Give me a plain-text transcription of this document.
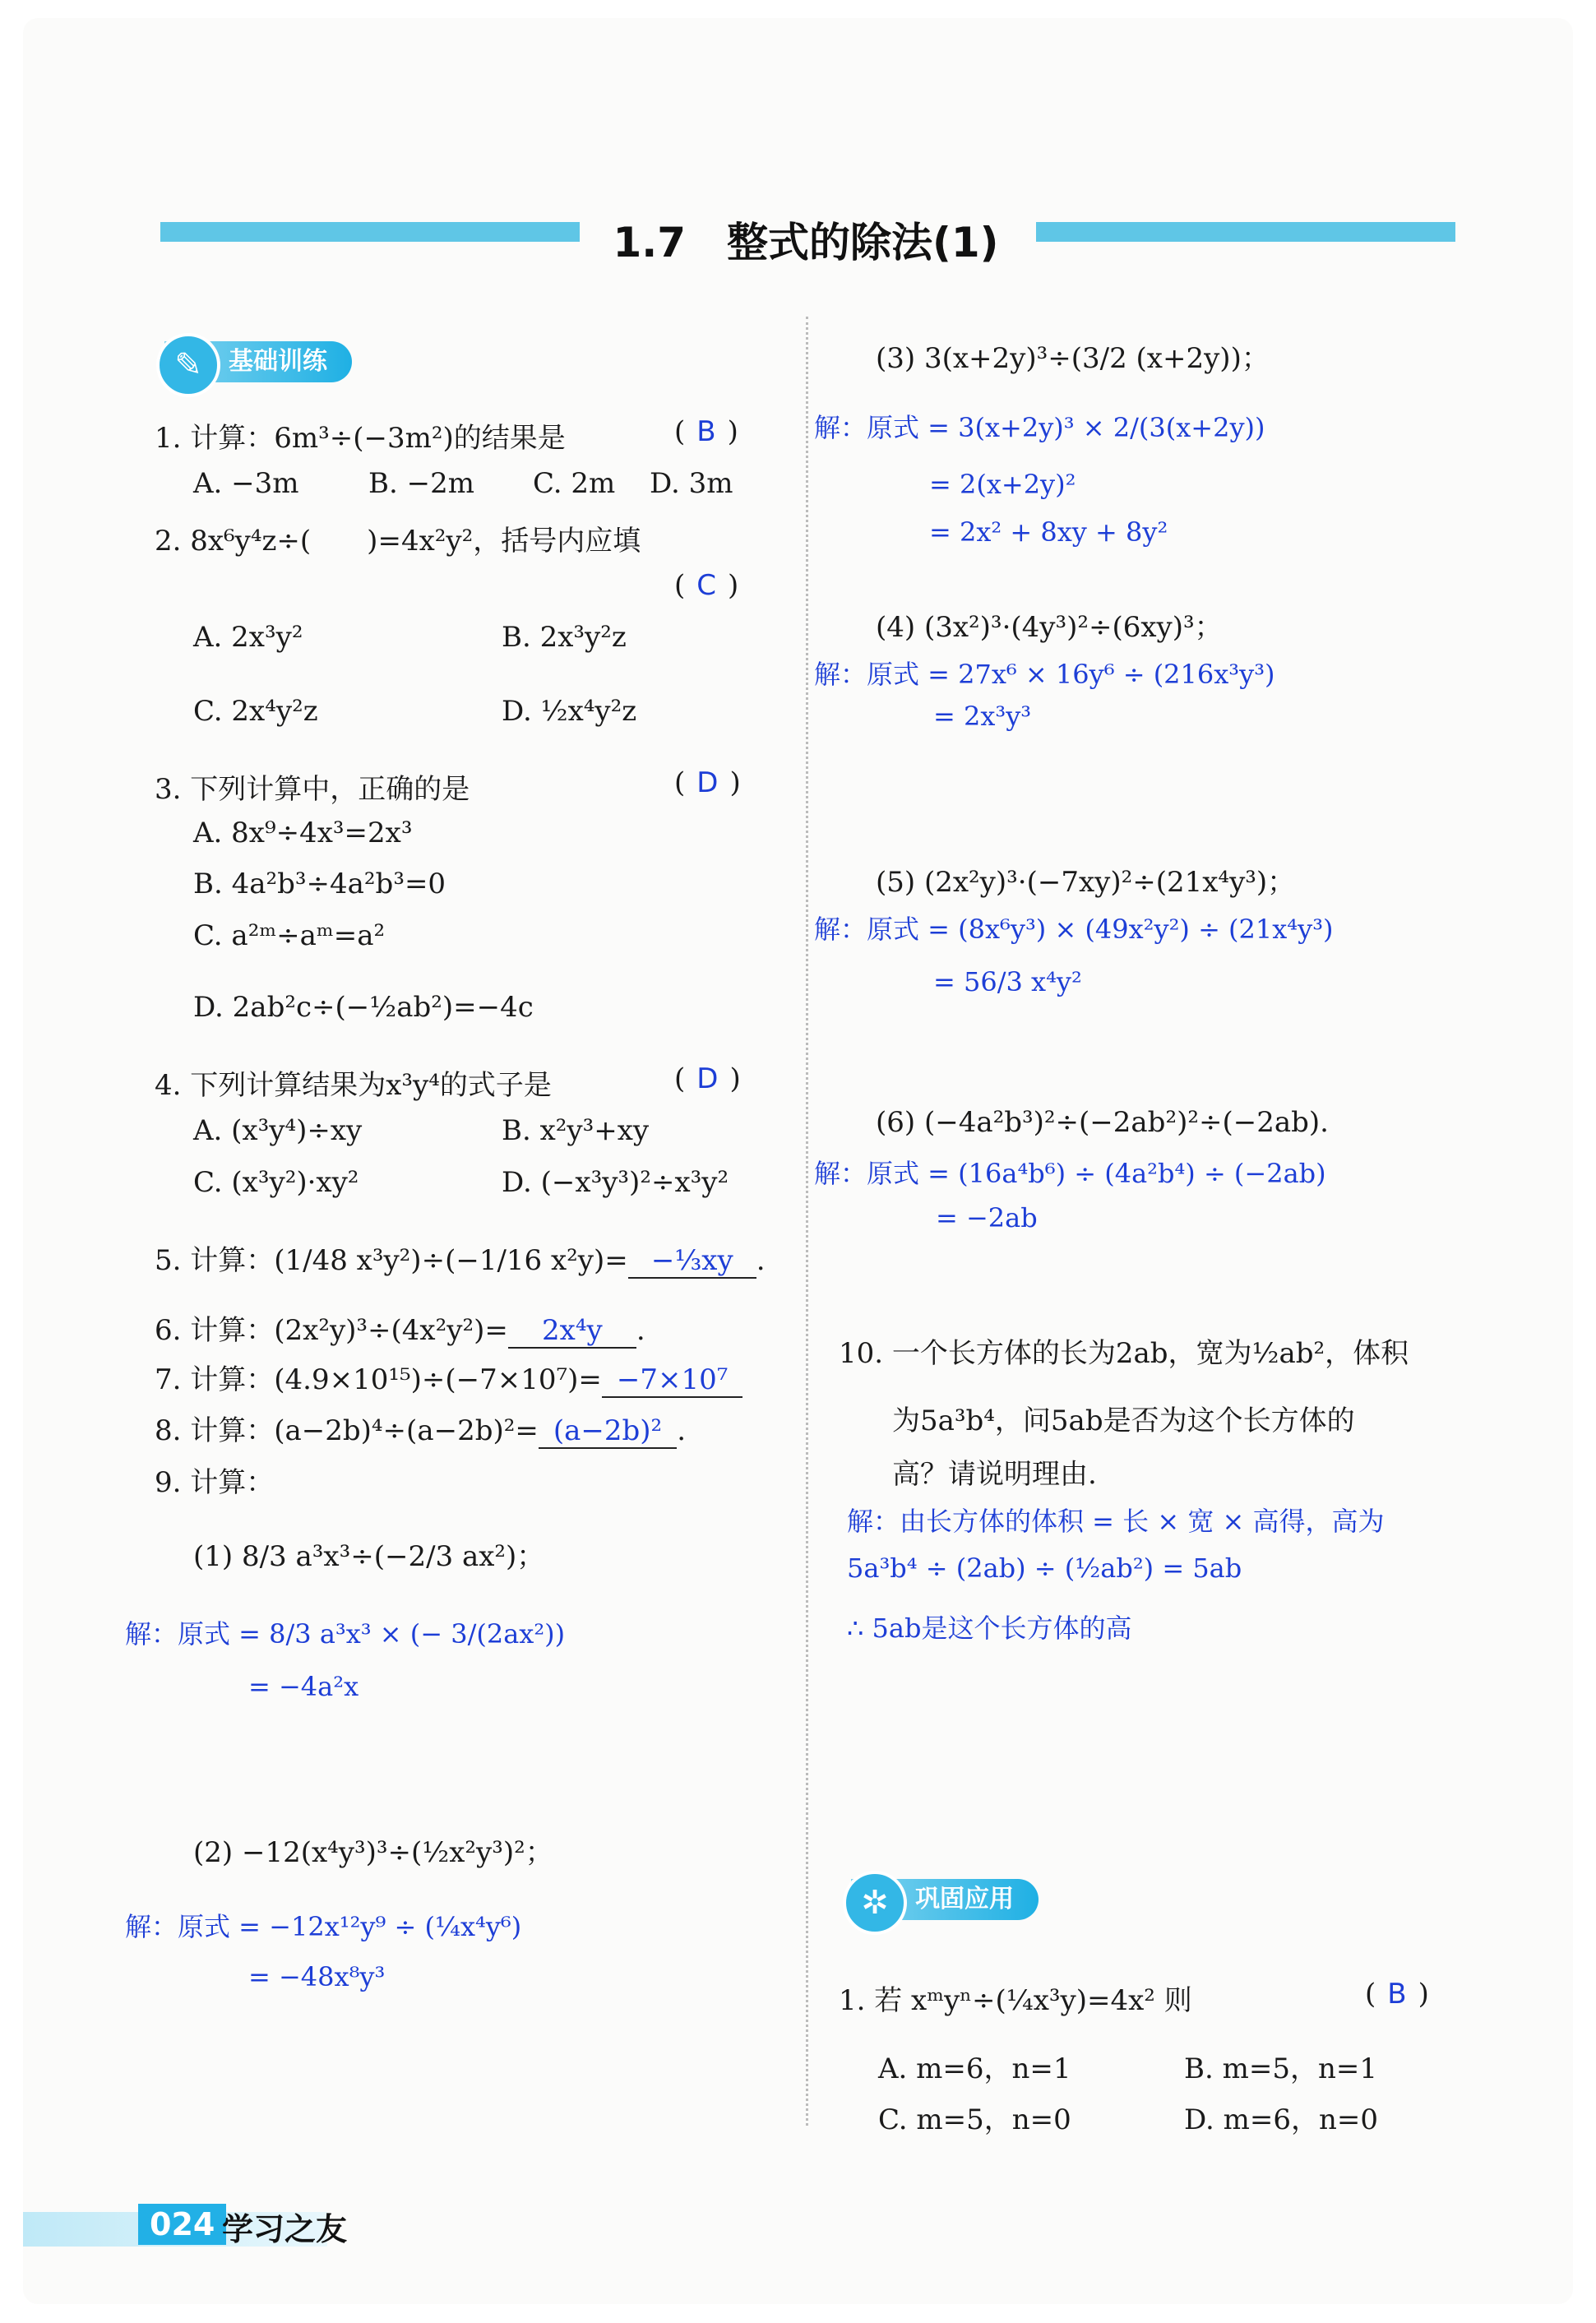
1.7　整式的除法(1)
✎	基础训练
1. 计算：6m³÷(−3m²)的结果是	( B )
A. −3m B. −2m C. 2m D. 3m
2. 8x⁶y⁴z÷(　　)=4x²y²，括号内应填
( C )
A. 2x³y²	B. 2x³y²z
C. 2x⁴y²z	D. ½x⁴y²z
3. 下列计算中，正确的是	( D )
A. 8x⁹÷4x³=2x³
B. 4a²b³÷4a²b³=0
C. a²ᵐ÷aᵐ=a²
D. 2ab²c÷(−½ab²)=−4c
4. 下列计算结果为x³y⁴的式子是	( D )
A. (x³y⁴)÷xy	B. x²y³+xy
C. (x³y²)·xy²	D. (−x³y³)²÷x³y²
5. 计算：(1/48 x³y²)÷(−1/16 x²y)= −⅓xy .
6. 计算：(2x²y)³÷(4x²y²)= 2x⁴y .
7. 计算：(4.9×10¹⁵)÷(−7×10⁷)= −7×10⁷
8. 计算：(a−2b)⁴÷(a−2b)²= (a−2b)² .
9. 计算：
(1) 8/3 a³x³÷(−2/3 ax²)；
解：原式 = 8/3 a³x³ × (− 3/(2ax²))
= −4a²x
(2) −12(x⁴y³)³÷(½x²y³)²；
解：原式 = −12x¹²y⁹ ÷ (¼x⁴y⁶)
= −48x⁸y³
(3) 3(x+2y)³÷(3/2 (x+2y))；
解：原式 = 3(x+2y)³ × 2/(3(x+2y))
= 2(x+2y)²
= 2x² + 8xy + 8y²
(4) (3x²)³·(4y³)²÷(6xy)³；
解：原式 = 27x⁶ × 16y⁶ ÷ (216x³y³)
= 2x³y³
(5) (2x²y)³·(−7xy)²÷(21x⁴y³)；
解：原式 = (8x⁶y³) × (49x²y²) ÷ (21x⁴y³)
= 56/3 x⁴y²
(6) (−4a²b³)²÷(−2ab²)²÷(−2ab).
解：原式 = (16a⁴b⁶) ÷ (4a²b⁴) ÷ (−2ab)
= −2ab
10. 一个长方体的长为2ab，宽为½ab²，体积
为5a³b⁴，问5ab是否为这个长方体的
高？请说明理由.
解：由长方体的体积 = 长 × 宽 × 高得，高为
5a³b⁴ ÷ (2ab) ÷ (½ab²) = 5ab
∴ 5ab是这个长方体的高
✲	巩固应用
1. 若 xᵐyⁿ÷(¼x³y)=4x² 则	( B )
A. m=6，n=1	B. m=5，n=1
C. m=5，n=0	D. m=6，n=0
024 学习之友
